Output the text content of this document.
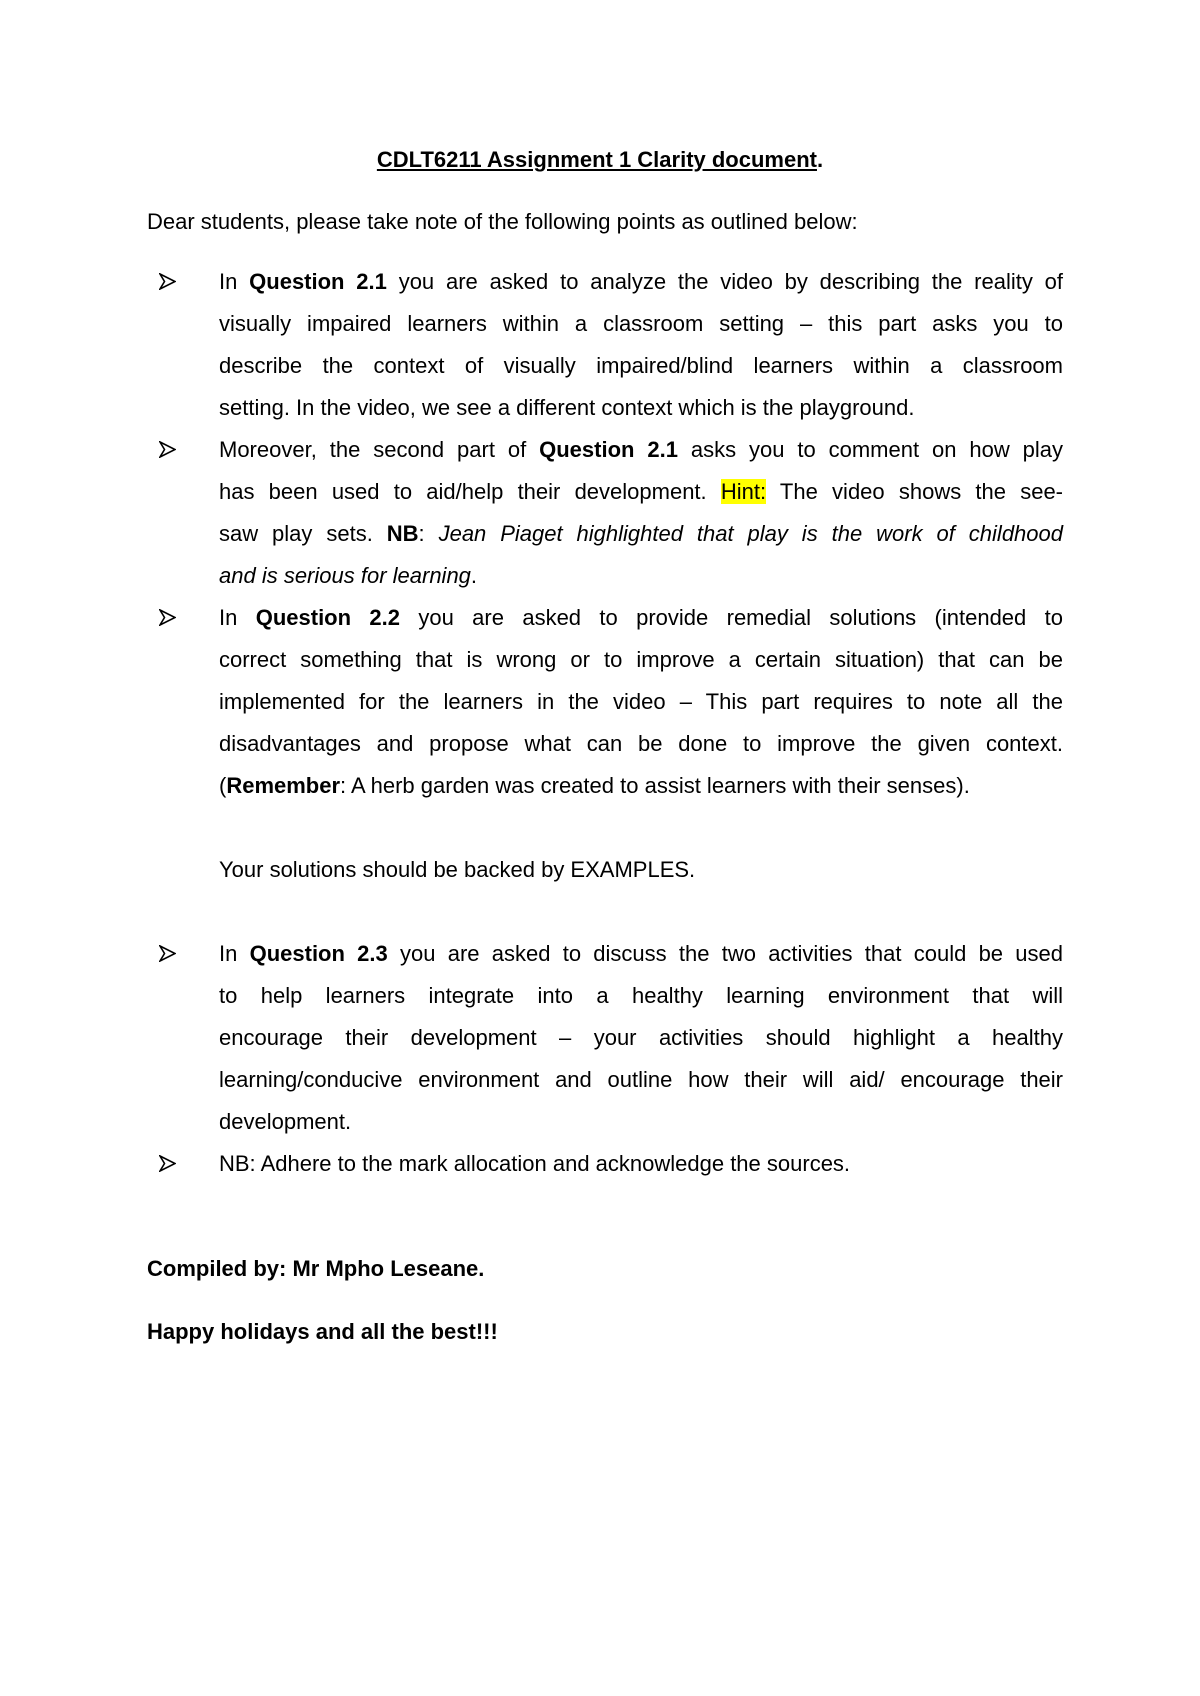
CDLT6211 Assignment 1 Clarity document.
Dear students, please take note of the following points as outlined below:
In Question 2.1 you are asked to analyze the video by describing the reality of
visually impaired learners within a classroom setting – this part asks you to
describe the context of visually impaired/blind learners within a classroom
setting. In the video, we see a different context which is the playground.
Moreover, the second part of Question 2.1 asks you to comment on how play
has been used to aid/help their development. Hint: The video shows the see-
saw play sets. NB: Jean Piaget highlighted that play is the work of childhood
and is serious for learning.
In Question 2.2 you are asked to provide remedial solutions (intended to
correct something that is wrong or to improve a certain situation) that can be
implemented for the learners in the video – This part requires to note all the
disadvantages and propose what can be done to improve the given context.
(Remember: A herb garden was created to assist learners with their senses).
Your solutions should be backed by EXAMPLES.
In Question 2.3 you are asked to discuss the two activities that could be used
to help learners integrate into a healthy learning environment that will
encourage their development – your activities should highlight a healthy
learning/conducive environment and outline how their will aid/ encourage their
development.
NB: Adhere to the mark allocation and acknowledge the sources.
Compiled by: Mr Mpho Leseane.
Happy holidays and all the best!!!
